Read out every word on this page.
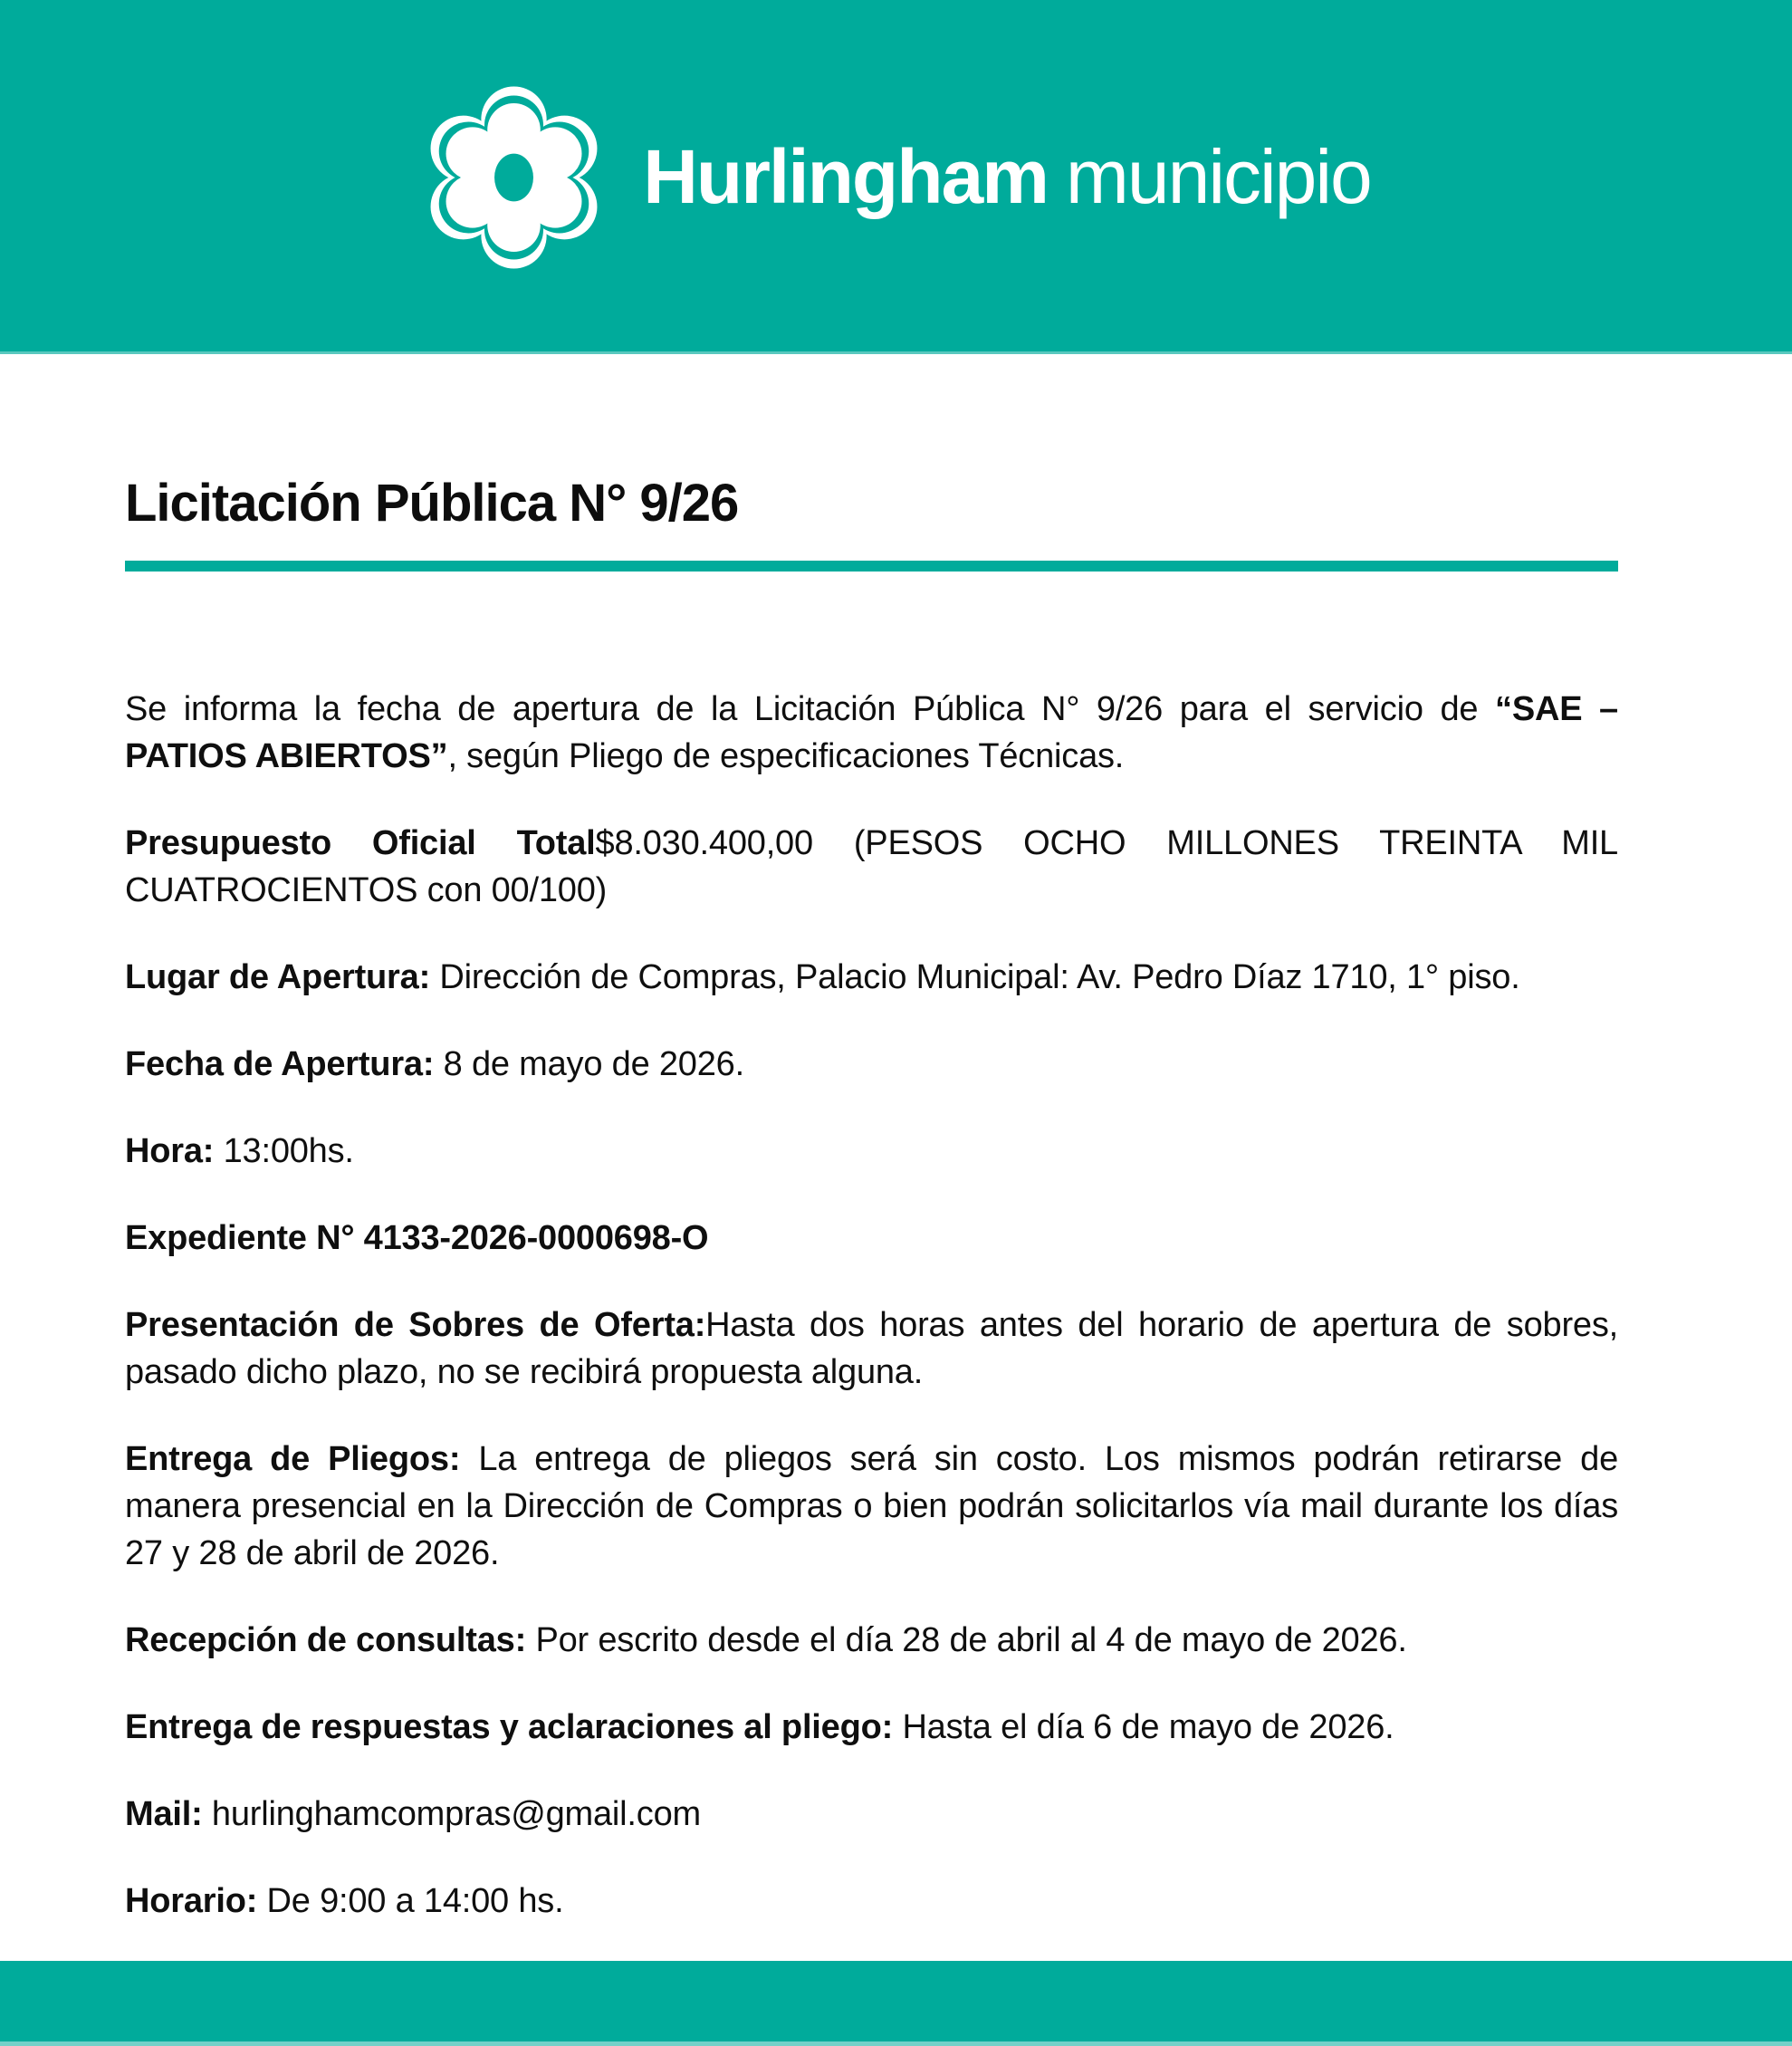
Hurlingham municipio
Licitación Pública N° 9/26

Se informa la fecha de apertura de la Licitación Pública N° 9/26 para el servicio de “SAE – PATIOS ABIERTOS”, según Pliego de especificaciones Técnicas.

Presupuesto Oficial Total$8.030.400,00 (PESOS OCHO MILLONES TREINTA MIL CUATROCIENTOS con 00/100)

Lugar de Apertura: Dirección de Compras, Palacio Municipal: Av. Pedro Díaz 1710, 1° piso.

Fecha de Apertura: 8 de mayo de 2026.

Hora: 13:00hs.

Expediente N° 4133-2026-0000698-O

Presentación de Sobres de Oferta:Hasta dos horas antes del horario de apertura de sobres, pasado dicho plazo, no se recibirá propuesta alguna.

Entrega de Pliegos: La entrega de pliegos será sin costo. Los mismos podrán retirarse de manera presencial en la Dirección de Compras o bien podrán solicitarlos vía mail durante los días 27 y 28 de abril de 2026.

Recepción de consultas: Por escrito desde el día 28 de abril al 4 de mayo de 2026.

Entrega de respuestas y aclaraciones al pliego: Hasta el día 6 de mayo de 2026.

Mail: hurlinghamcompras@gmail.com

Horario: De 9:00 a 14:00 hs.
